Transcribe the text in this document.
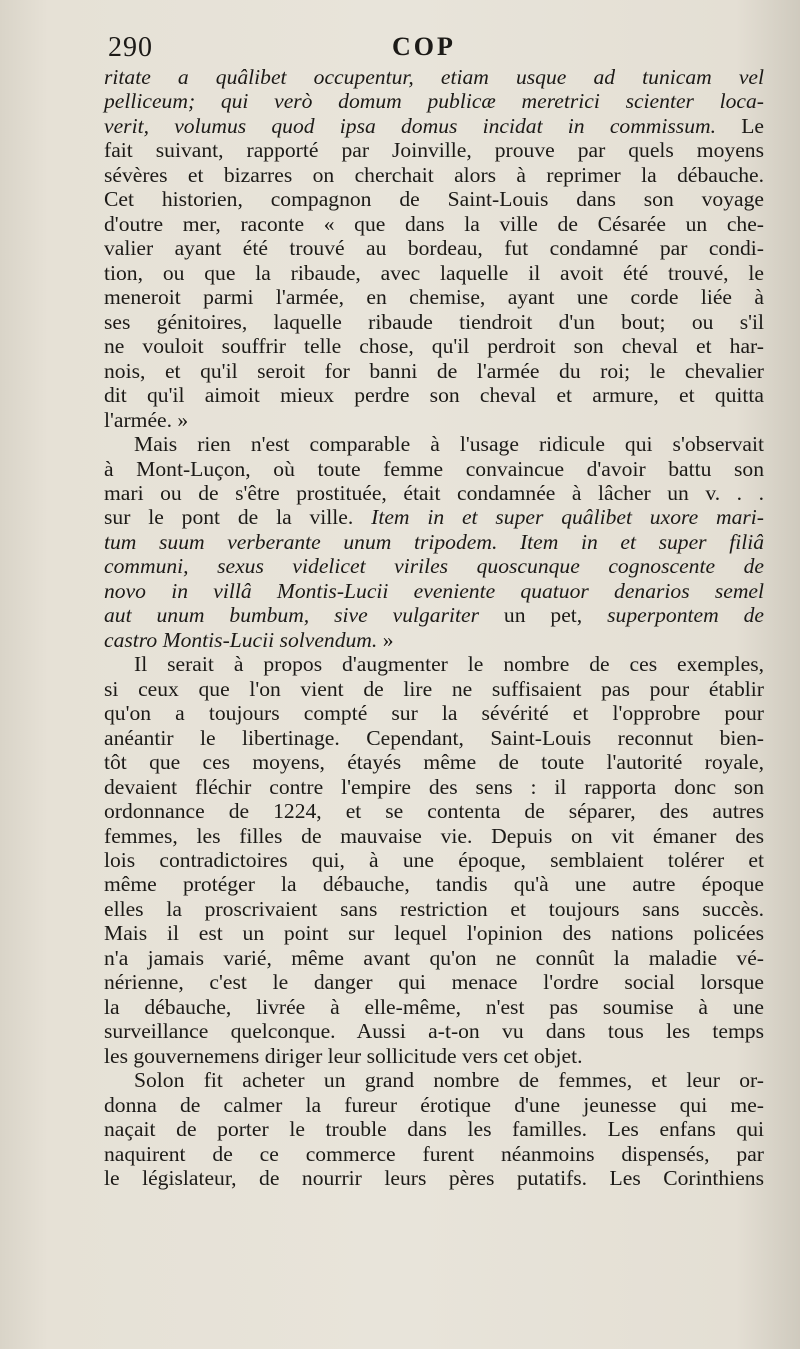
290	COP
ritate a quâlibet occupentur, etiam usque ad tunicam vel
pelliceum; qui verò domum publicæ meretrici scienter loca-
verit, volumus quod ipsa domus incidat in commissum. Le
fait suivant, rapporté par Joinville, prouve par quels moyens
sévères et bizarres on cherchait alors à reprimer la débauche.
Cet historien, compagnon de Saint-Louis dans son voyage
d'outre mer, raconte « que dans la ville de Césarée un che-
valier ayant été trouvé au bordeau, fut condamné par condi-
tion, ou que la ribaude, avec laquelle il avoit été trouvé, le
meneroit parmi l'armée, en chemise, ayant une corde liée à
ses génitoires, laquelle ribaude tiendroit d'un bout; ou s'il
ne vouloit souffrir telle chose, qu'il perdroit son cheval et har-
nois, et qu'il seroit for banni de l'armée du roi; le chevalier
dit qu'il aimoit mieux perdre son cheval et armure, et quitta
l'armée. »
Mais rien n'est comparable à l'usage ridicule qui s'observait
à Mont-Luçon, où toute femme convaincue d'avoir battu son
mari ou de s'être prostituée, était condamnée à lâcher un v. . .
sur le pont de la ville. Item in et super quâlibet uxore mari-
tum suum verberante unum tripodem. Item in et super filiâ
communi, sexus videlicet viriles quoscunque cognoscente de
novo in villâ Montis-Lucii eveniente quatuor denarios semel
aut unum bumbum, sive vulgariter un pet, superpontem de
castro Montis-Lucii solvendum. »
Il serait à propos d'augmenter le nombre de ces exemples,
si ceux que l'on vient de lire ne suffisaient pas pour établir
qu'on a toujours compté sur la sévérité et l'opprobre pour
anéantir le libertinage. Cependant, Saint-Louis reconnut bien-
tôt que ces moyens, étayés même de toute l'autorité royale,
devaient fléchir contre l'empire des sens : il rapporta donc son
ordonnance de 1224, et se contenta de séparer, des autres
femmes, les filles de mauvaise vie. Depuis on vit émaner des
lois contradictoires qui, à une époque, semblaient tolérer et
même protéger la débauche, tandis qu'à une autre époque
elles la proscrivaient sans restriction et toujours sans succès.
Mais il est un point sur lequel l'opinion des nations policées
n'a jamais varié, même avant qu'on ne connût la maladie vé-
nérienne, c'est le danger qui menace l'ordre social lorsque
la débauche, livrée à elle-même, n'est pas soumise à une
surveillance quelconque. Aussi a-t-on vu dans tous les temps
les gouvernemens diriger leur sollicitude vers cet objet.
Solon fit acheter un grand nombre de femmes, et leur or-
donna de calmer la fureur érotique d'une jeunesse qui me-
naçait de porter le trouble dans les familles. Les enfans qui
naquirent de ce commerce furent néanmoins dispensés, par
le législateur, de nourrir leurs pères putatifs. Les Corinthiens
